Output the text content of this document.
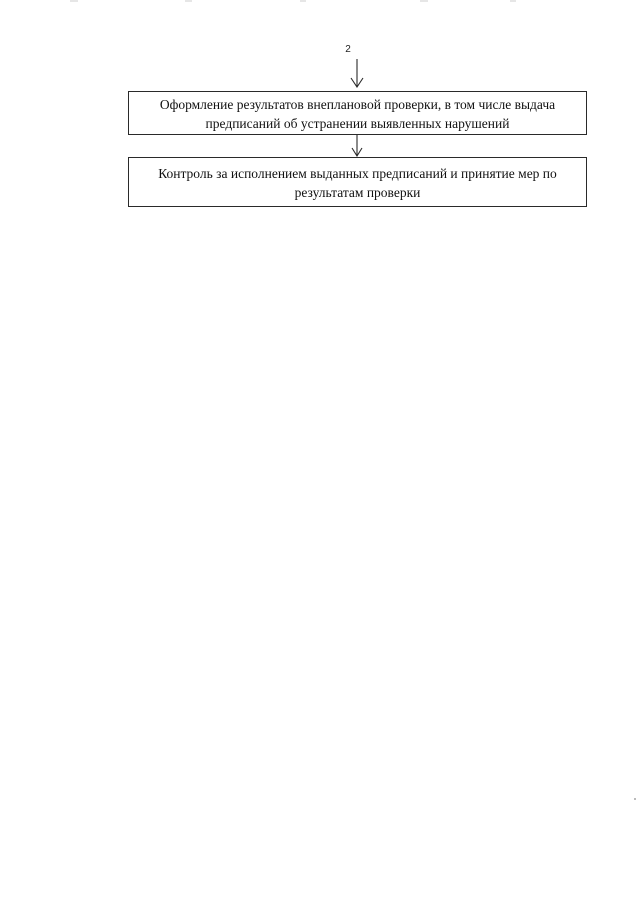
2
Оформление результатов внеплановой проверки, в том числе выдача
предписаний об устранении выявленных нарушений
Контроль за исполнением выданных предписаний и принятие мер по
результатам проверки
